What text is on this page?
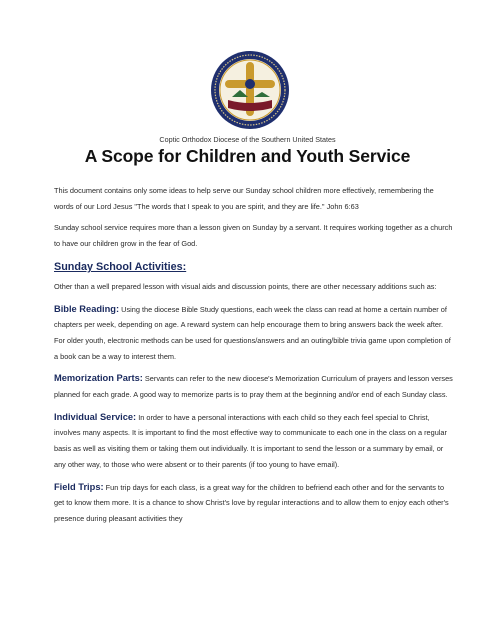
Coptic Orthodox Diocese of the Southern United States
A Scope for Children and Youth Service

This document contains only some ideas to help serve our Sunday school children more effectively, remembering the words of our Lord Jesus "The words that I speak to you are spirit, and they are life." John 6:63

Sunday school service requires more than a lesson given on Sunday by a servant. It requires working together as a church to have our children grow in the fear of God.

Sunday School Activities:

Other than a well prepared lesson with visual aids and discussion points, there are other necessary additions such as:

Bible Reading: Using the diocese Bible Study questions, each week the class can read at home a certain number of chapters per week, depending on age. A reward system can help encourage them to bring answers back the week after. For older youth, electronic methods can be used for questions/answers and an outing/bible trivia game upon completion of a book can be a way to interest them.

Memorization Parts: Servants can refer to the new diocese's Memorization Curriculum of prayers and lesson verses planned for each grade. A good way to memorize parts is to pray them at the beginning and/or end of each Sunday class.

Individual Service: In order to have a personal interactions with each child so they each feel special to Christ, involves many aspects. It is important to find the most effective way to communicate to each one in the class on a regular basis as well as visiting them or taking them out individually. It is important to send the lesson or a summary by email, or any other way, to those who were absent or to their parents (if too young to have email).

Field Trips: Fun trip days for each class, is a great way for the children to befriend each other and for the servants to get to know them more. It is a chance to show Christ's love by regular interactions and to allow them to enjoy each other's presence during pleasant activities they
